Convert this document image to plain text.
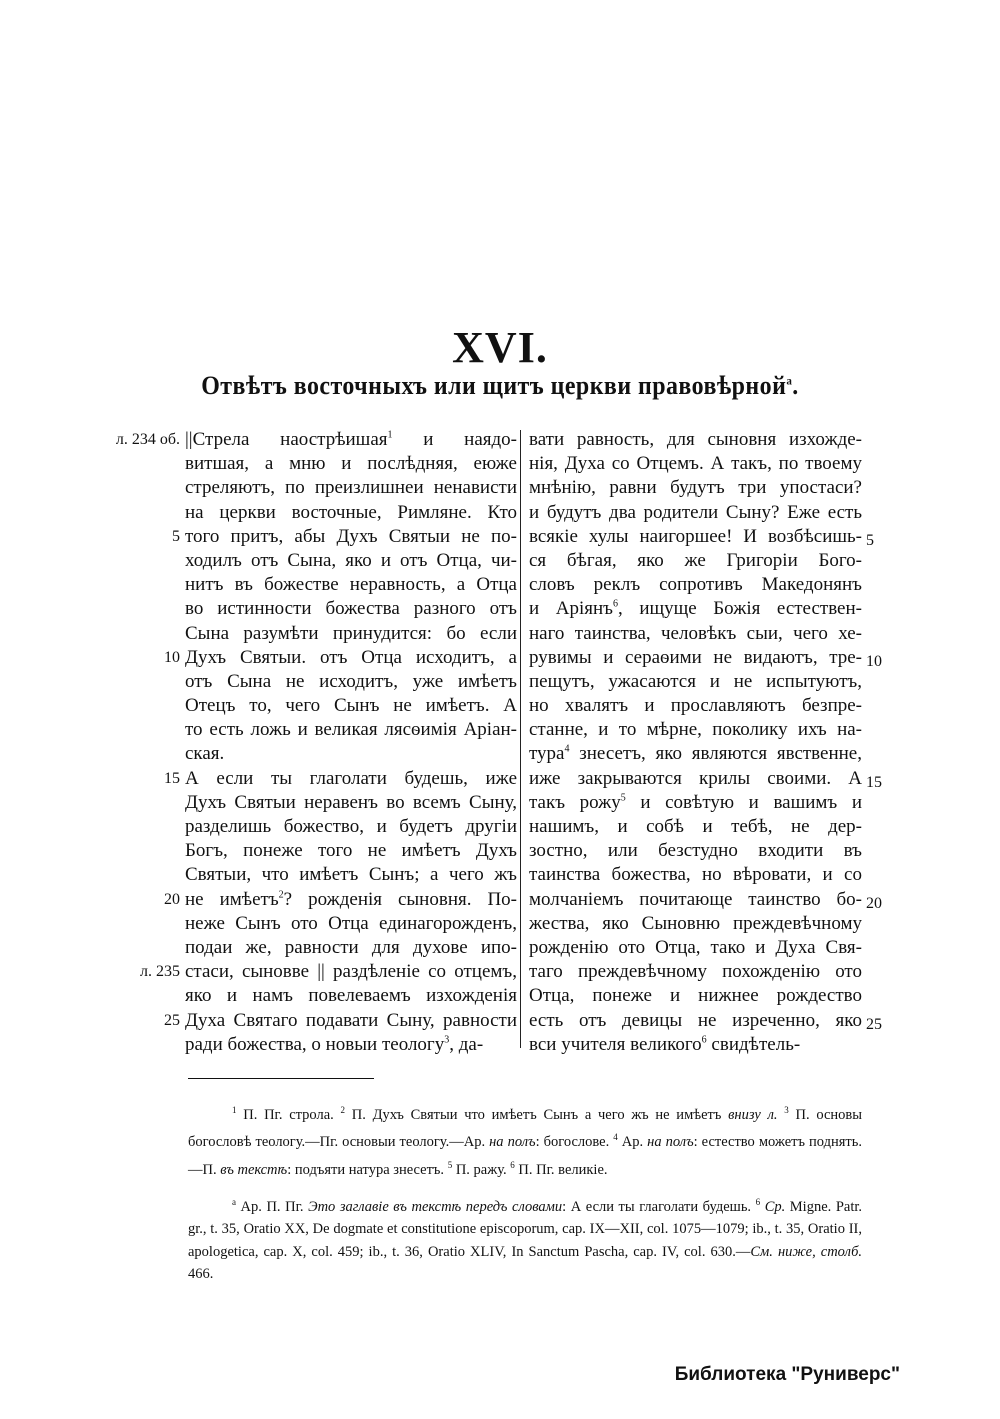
XVI.
Отвѣтъ восточныхъ или щитъ церкви правовѣрной$^а$.
||Стрела наострѣишая$^1$ и наядо-
витшая, а мню и послѣдняя, еюже
стреляютъ, по преизлишнеи ненависти
на церкви восточные, Римляне. Кто
того притъ, абы Духъ Святыи не по-
ходилъ отъ Сына, яко и отъ Отца, чи-
нитъ въ божестве неравность, а Отца
во истинности божества разного отъ
Сына разумѣти принудится: бо если
Духъ Святыи. отъ Отца исходитъ, а
отъ Сына не исходитъ, уже имѣетъ
Отецъ то, чего Сынъ не имѣетъ. А
то есть ложь и великая лясѳимія Аріан-
ская.
А если ты глаголати будешь, иже
Духъ Святыи неравенъ во всемъ Сыну,
разделишь божество, и будетъ другіи
Богъ, понеже того не имѣетъ Духъ
Святыи, что имѣетъ Сынъ; а чего жъ
не имѣетъ$^2$? рожденія сыновня. По-
неже Сынъ ото Отца единагорожденъ,
подаи же, равности для духове ипо-
стаси, сыновве || раздѣленіе со отцемъ,
яко и намъ повелеваемъ изхожденія
Духа Святаго подавати Сыну, равности
ради божества, о новыи теологу$^3$, да-
вати равность, для сыновня изхожде-
нія, Духа со Отцемъ. А такъ, по твоему
мнѣнію, равни будутъ три упостаси?
и будутъ два родители Сыну? Еже есть
всякіе хулы наигоршее! И возбѣсишь-
ся бѣгая, яко же Григоріи Бого-
словъ реклъ сопротивъ Македонянъ
и Аріянъ$^6$, ищуще Божія естествен-
наго таинства, человѣкъ сыи, чего хе-
рувимы и сераѳими не видаютъ, тре-
пещутъ, ужасаются и не испытуютъ,
но хвалятъ и прославляютъ безпре-
станне, и то мѣрне, поколику ихъ на-
тура$^4$ знесетъ, яко являются явственне,
иже закрываются крилы своими. А
такъ рожу$^5$ и совѣтую и вашимъ и
нашимъ, и собѣ и тебѣ, не дер-
зостно, или безстудно входити въ
таинства божества, но вѣровати, и со
молчаніемъ почитающе таинство бо-
жества, яко Сыновню преждевѣчному
рожденію ото Отца, тако и Духа Свя-
таго преждевѣчному похожденію ото
Отца, понеже и нижнее рождество
есть отъ девицы не изреченно, яко
вси учителя великого$^6$ свидѣтель-
л. 234 об.
5
10
15
20
л. 235
25
5
10
15
20
25

$^1$ П. Пг. строла. $^2$ П. Духъ Святыи что имѣетъ Сынъ а чего жъ не имѣетъ внизу л. $^3$ П. основы богословѣ теологу.—Пг. основыи теологу.—Ар. на полъ: богослове. $^4$ Ар. на полъ: естество можетъ поднять.—П. въ текстѣ: подъяти натура знесетъ. $^5$ П. ражу. $^6$ П. Пг. великіе.

$^а$ Ар. П. Пг. Это заглавіе въ текстѣ передъ словами: А если ты глаголати будешь. $^6$ Ср. Migne. Patr. gr., t. 35, Oratio XX, De dogmate et constitutione episcoporum, cap. IX—XII, col. 1075—1079; ib., t. 35, Oratio II, apologetica, cap. X, col. 459; ib., t. 36, Oratio XLIV, In Sanctum Pascha, cap. IV, col. 630.—См. ниже, столб. 466.

Библиотека "Руниверс"
